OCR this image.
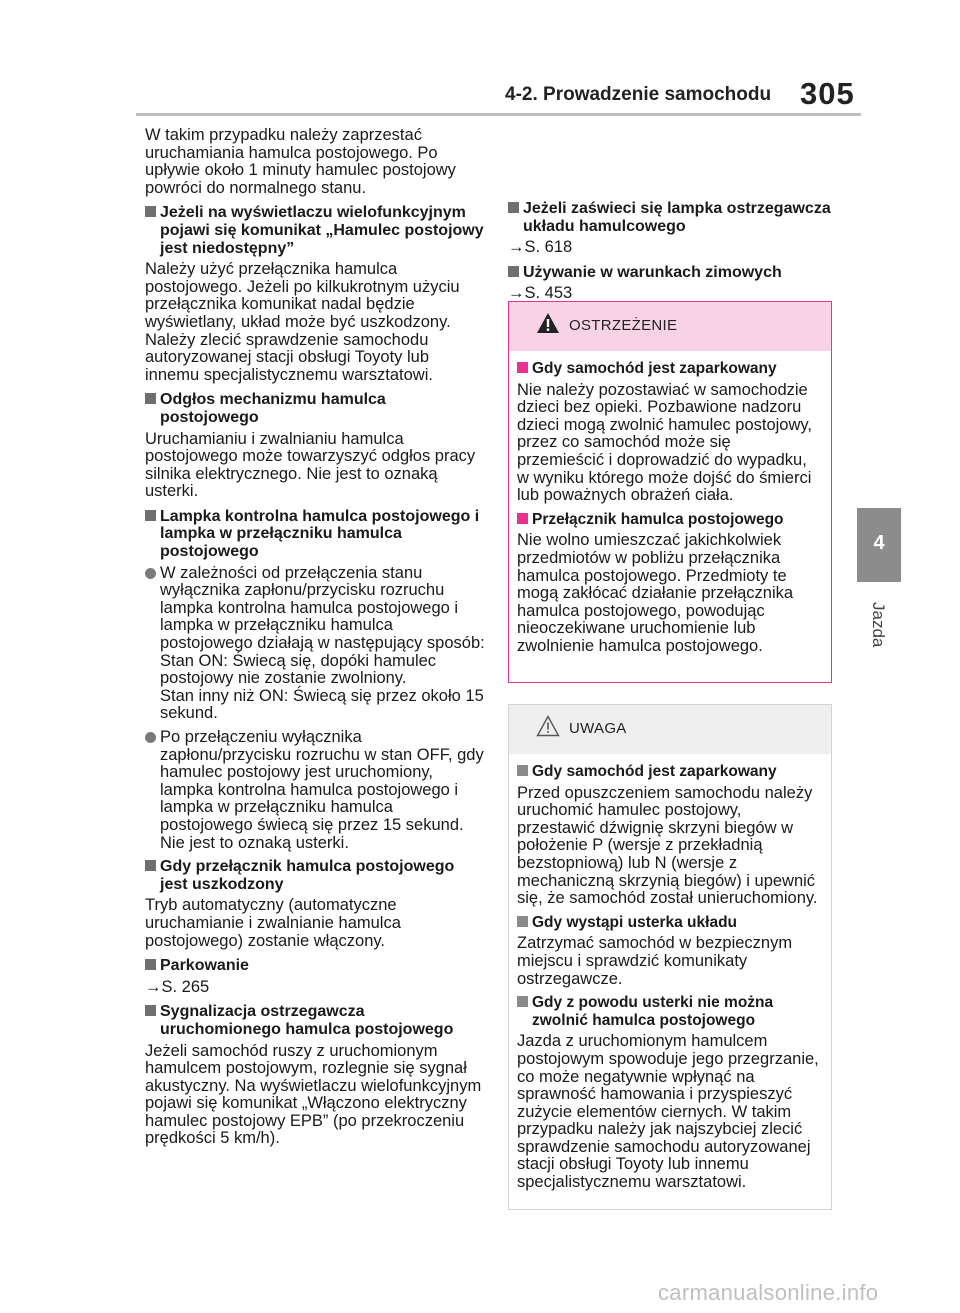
4-2. Prowadzenie samochodu 305
4
Jazda

W takim przypadku należy zaprzestać uruchamiania hamulca postojowego. Po upływie około 1 minuty hamulec postojowy powróci do normalnego stanu.

Jeżeli na wyświetlaczu wielofunkcyjnym pojawi się komunikat „Hamulec postojowy jest niedostępny”

Należy użyć przełącznika hamulca postojowego. Jeżeli po kilkukrotnym użyciu przełącznika komunikat nadal będzie wyświetlany, układ może być uszkodzony. Należy zlecić sprawdzenie samochodu autoryzowanej stacji obsługi Toyoty lub innemu specjalistycznemu warsztatowi.

Odgłos mechanizmu hamulca postojowego

Uruchamianiu i zwalnianiu hamulca postojowego może towarzyszyć odgłos pracy silnika elektrycznego. Nie jest to oznaką usterki.

Lampka kontrolna hamulca postojowego i lampka w przełączniku hamulca postojowego
W zależności od przełączenia stanu wyłącznika zapłonu/przycisku rozruchu lampka kontrolna hamulca postojowego i lampka w przełączniku hamulca postojowego działają w następujący sposób:
Stan ON: Świecą się, dopóki hamulec postojowy nie zostanie zwolniony.
Stan inny niż ON: Świecą się przez około 15 sekund.
Po przełączeniu wyłącznika zapłonu/przycisku rozruchu w stan OFF, gdy hamulec postojowy jest uruchomiony, lampka kontrolna hamulca postojowego i lampka w przełączniku hamulca postojowego świecą się przez 15 sekund. Nie jest to oznaką usterki.
Gdy przełącznik hamulca postojowego jest uszkodzony

Tryb automatyczny (automatyczne uruchamianie i zwalnianie hamulca postojowego) zostanie włączony.

Parkowanie

→S. 265

Sygnalizacja ostrzegawcza uruchomionego hamulca postojowego

Jeżeli samochód ruszy z uruchomionym hamulcem postojowym, rozlegnie się sygnał akustyczny. Na wyświetlaczu wielofunkcyjnym pojawi się komunikat „Włączono elektryczny hamulec postojowy EPB” (po przekroczeniu prędkości 5 km/h).

Jeżeli zaświeci się lampka ostrzegawcza układu hamulcowego

→S. 618

Używanie w warunkach zimowych

→S. 453

OSTRZEŻENIE
Gdy samochód jest zaparkowany

Nie należy pozostawiać w samochodzie dzieci bez opieki. Pozbawione nadzoru dzieci mogą zwolnić hamulec postojowy, przez co samochód może się przemieścić i doprowadzić do wypadku, w wyniku którego może dojść do śmierci lub poważnych obrażeń ciała.

Przełącznik hamulca postojowego

Nie wolno umieszczać jakichkolwiek przedmiotów w pobliżu przełącznika hamulca postojowego. Przedmioty te mogą zakłócać działanie przełącznika hamulca postojowego, powodując nieoczekiwane uruchomienie lub zwolnienie hamulca postojowego.

UWAGA
Gdy samochód jest zaparkowany

Przed opuszczeniem samochodu należy uruchomić hamulec postojowy, przestawić dźwignię skrzyni biegów w położenie P (wersje z przekładnią bezstopniową) lub N (wersje z mechaniczną skrzynią biegów) i upewnić się, że samochód został unieruchomiony.

Gdy wystąpi usterka układu

Zatrzymać samochód w bezpiecznym miejscu i sprawdzić komunikaty ostrzegawcze.

Gdy z powodu usterki nie można zwolnić hamulca postojowego

Jazda z uruchomionym hamulcem postojowym spowoduje jego przegrzanie, co może negatywnie wpłynąć na sprawność hamowania i przyspieszyć zużycie elementów ciernych. W takim przypadku należy jak najszybciej zlecić sprawdzenie samochodu autoryzowanej stacji obsługi Toyoty lub innemu specjalistycznemu warsztatowi.

carmanualsonline.info
